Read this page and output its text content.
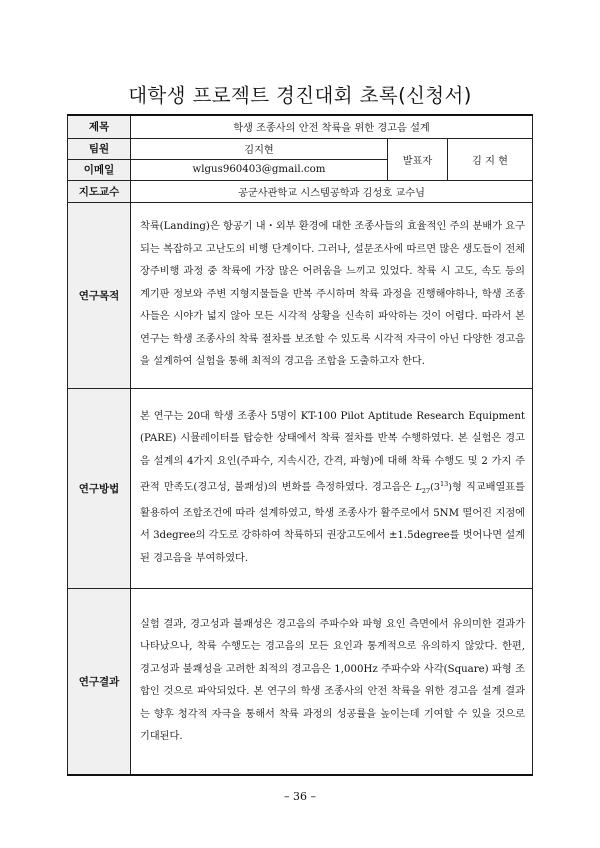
대학생 프로젝트 경진대회 초록(신청서)
제목	학생 조종사의 안전 착륙을 위한 경고음 설계		
팀원	김지현	발표자	김 지 현
이메일	wlgus960403@gmail.com		
지도교수	공군사관학교 시스템공학과 김성호 교수님		
연구목적	착륙(Landing)은 항공기 내・외부 환경에 대한 조종사들의 효율적인 주의 분배가 요구되는 복잡하고 고난도의 비행 단계이다. 그러나, 설문조사에 따르면 많은 생도들이 전체 장주비행 과정 중 착륙에 가장 많은 어려움을 느끼고 있었다. 착륙 시 고도, 속도 등의 계기판 정보와 주변 지형지물들을 반복 주시하며 착륙 과정을 진행해야하나, 학생 조종사들은 시야가 넓지 않아 모든 시각적 상황을 신속히 파악하는 것이 어렵다. 따라서 본 연구는 학생 조종사의 착륙 절차를 보조할 수 있도록 시각적 자극이 아닌 다양한 경고음을 설계하여 실험을 통해 최적의 경고음 조합을 도출하고자 한다.		

연구방법	본 연구는 20대 학생 조종사 5명이 KT-100 Pilot Aptitude Research Equipment (PARE) 시뮬레이터를 탑승한 상태에서 착륙 절차를 반복 수행하였다. 본 실험은 경고음 설계의 4가지 요인(주파수, 지속시간, 간격, 파형)에 대해 착륙 수행도 및 2 가지 주관적 만족도(경고성, 불쾌성)의 변화를 측정하였다. 경고음은 $L_{27}(3^{13})$형 직교배열표를 활용하여 조합조건에 따라 설계하였고, 학생 조종사가 활주로에서 5NM 떨어진 지점에서 3degree의 각도로 강하하여 착륙하되 권장고도에서 ±1.5degree를 벗어나면 설계된 경고음을 부여하였다.		

연구결과	실험 결과, 경고성과 불쾌성은 경고음의 주파수와 파형 요인 측면에서 유의미한 결과가 나타났으나, 착륙 수행도는 경고음의 모든 요인과 통계적으로 유의하지 않았다. 한편, 경고성과 불쾌성을 고려한 최적의 경고음은 1,000Hz 주파수와 사각(Square) 파형 조합인 것으로 파악되었다. 본 연구의 학생 조종사의 안전 착륙을 위한 경고음 설계 결과는 향후 청각적 자극을 통해서 착륙 과정의 성공률을 높이는데 기여할 수 있을 것으로 기대된다.		

– 36 –
